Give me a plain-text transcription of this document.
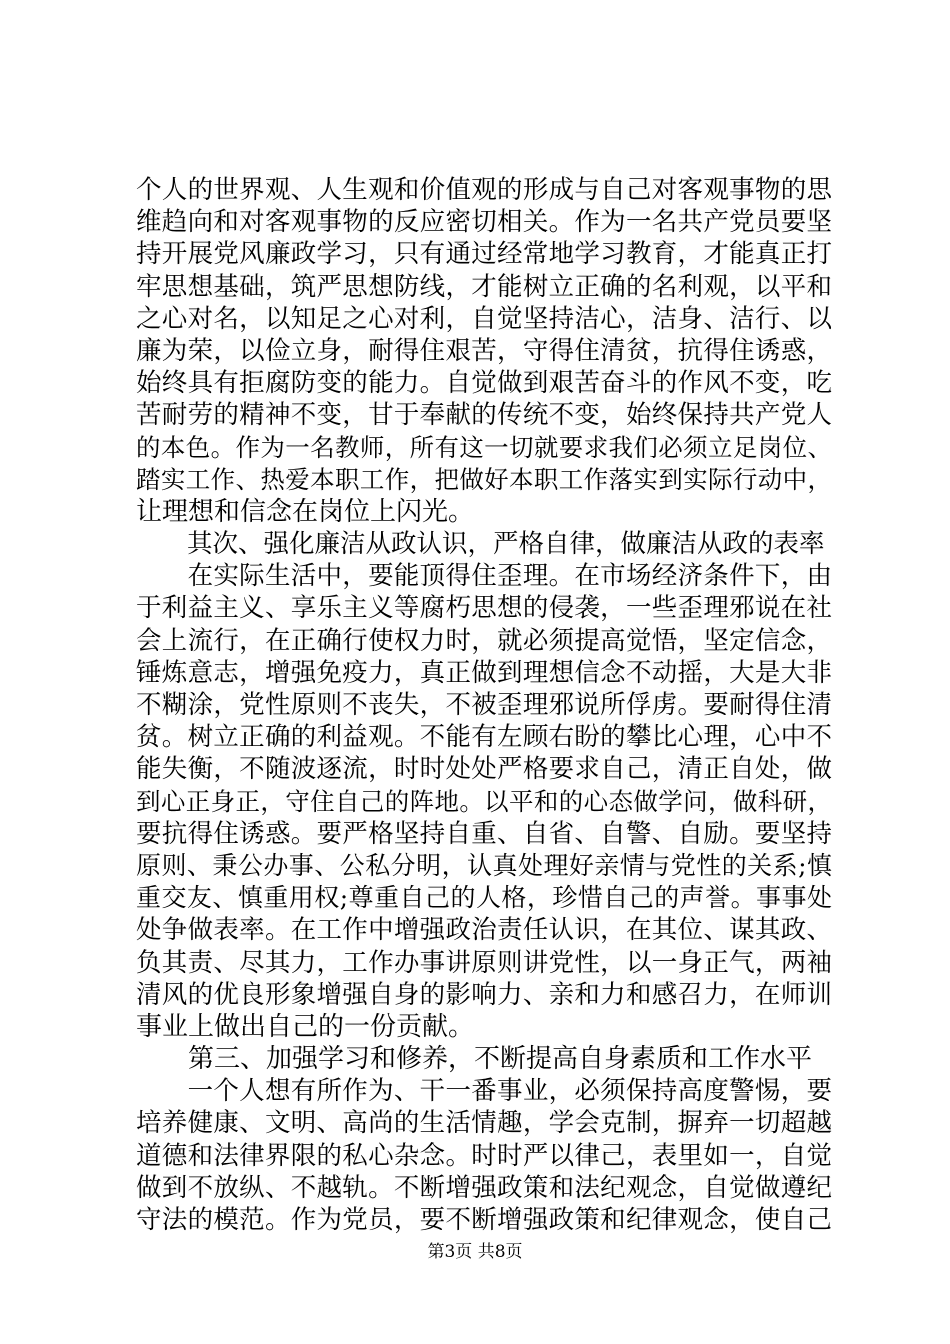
个人的世界观、人生观和价值观的形成与自己对客观事物的思
维趋向和对客观事物的反应密切相关。作为一名共产党员要坚
持开展党风廉政学习，只有通过经常地学习教育，才能真正打
牢思想基础，筑严思想防线，才能树立正确的名利观，以平和
之心对名，以知足之心对利，自觉坚持洁心，洁身、洁行、以
廉为荣，以俭立身，耐得住艰苦，守得住清贫，抗得住诱惑，
始终具有拒腐防变的能力。自觉做到艰苦奋斗的作风不变，吃
苦耐劳的精神不变，甘于奉献的传统不变，始终保持共产党人
的本色。作为一名教师，所有这一切就要求我们必须立足岗位、
踏实工作、热爱本职工作，把做好本职工作落实到实际行动中，
让理想和信念在岗位上闪光。
　　其次、强化廉洁从政认识，严格自律，做廉洁从政的表率
　　在实际生活中，要能顶得住歪理。在市场经济条件下，由
于利益主义、享乐主义等腐朽思想的侵袭，一些歪理邪说在社
会上流行，在正确行使权力时，就必须提高觉悟，坚定信念，
锤炼意志，增强免疫力，真正做到理想信念不动摇，大是大非
不糊涂，党性原则不丧失，不被歪理邪说所俘虏。要耐得住清
贫。树立正确的利益观。不能有左顾右盼的攀比心理，心中不
能失衡，不随波逐流，时时处处严格要求自己，清正自处，做
到心正身正，守住自己的阵地。以平和的心态做学问，做科研，
要抗得住诱惑。要严格坚持自重、自省、自警、自励。要坚持
原则、秉公办事、公私分明，认真处理好亲情与党性的关系;慎
重交友、慎重用权;尊重自己的人格，珍惜自己的声誉。事事处
处争做表率。在工作中增强政治责任认识，在其位、谋其政、
负其责、尽其力，工作办事讲原则讲党性，以一身正气，两袖
清风的优良形象增强自身的影响力、亲和力和感召力，在师训
事业上做出自己的一份贡献。
　　第三、加强学习和修养，不断提高自身素质和工作水平
　　一个人想有所作为、干一番事业，必须保持高度警惕，要
培养健康、文明、高尚的生活情趣，学会克制，摒弃一切超越
道德和法律界限的私心杂念。时时严以律己，表里如一，自觉
做到不放纵、不越轨。不断增强政策和法纪观念，自觉做遵纪
守法的模范。作为党员，要不断增强政策和纪律观念，使自己
第3页 共8页
